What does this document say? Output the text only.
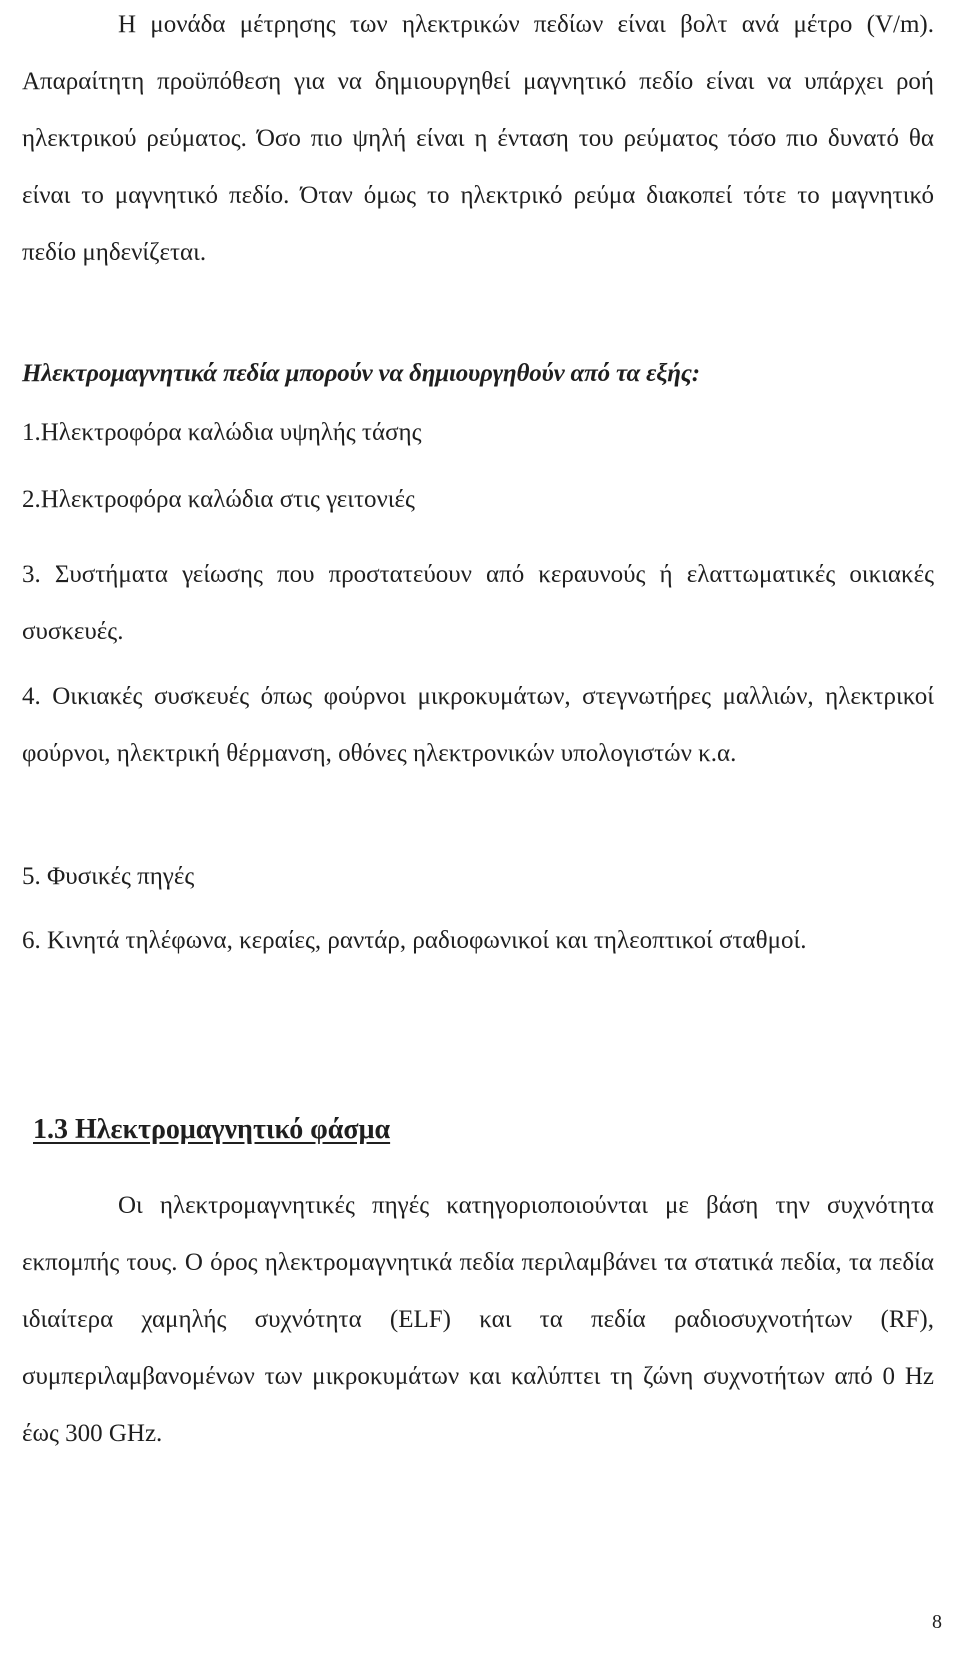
Η μονάδα μέτρησης των ηλεκτρικών πεδίων είναι βολτ ανά μέτρο (V/m). Απαραίτητη προϋπόθεση για να δημιουργηθεί μαγνητικό πεδίο είναι να υπάρχει ροή ηλεκτρικού ρεύματος. Όσο πιο ψηλή είναι η ένταση του ρεύματος τόσο πιο δυνατό θα είναι το μαγνητικό πεδίο. Όταν όμως το ηλεκτρικό ρεύμα διακοπεί τότε το μαγνητικό πεδίο μηδενίζεται.

Ηλεκτρομαγνητικά πεδία μπορούν να δημιουργηθούν από τα εξής:

1.Ηλεκτροφόρα καλώδια υψηλής τάσης

2.Ηλεκτροφόρα καλώδια στις γειτονιές

3. Συστήματα γείωσης που προστατεύουν από κεραυνούς ή ελαττωματικές οικιακές συσκευές.

4. Οικιακές συσκευές όπως φούρνοι μικροκυμάτων, στεγνωτήρες μαλλιών, ηλεκτρικοί φούρνοι, ηλεκτρική θέρμανση, οθόνες ηλεκτρονικών υπολογιστών κ.α.

5. Φυσικές πηγές

6. Κινητά τηλέφωνα, κεραίες, ραντάρ, ραδιοφωνικοί και τηλεοπτικοί σταθμοί.

1.3 Ηλεκτρομαγνητικό φάσμα

Οι ηλεκτρομαγνητικές πηγές κατηγοριοποιούνται με βάση την συχνότητα εκπομπής τους. Ο όρος ηλεκτρομαγνητικά πεδία περιλαμβάνει τα στατικά πεδία, τα πεδία ιδιαίτερα χαμηλής συχνότητα (ELF) και τα πεδία ραδιοσυχνοτήτων (RF), συμπεριλαμβανομένων των μικροκυμάτων και καλύπτει τη ζώνη συχνοτήτων από 0 Hz έως 300 GHz.

8
